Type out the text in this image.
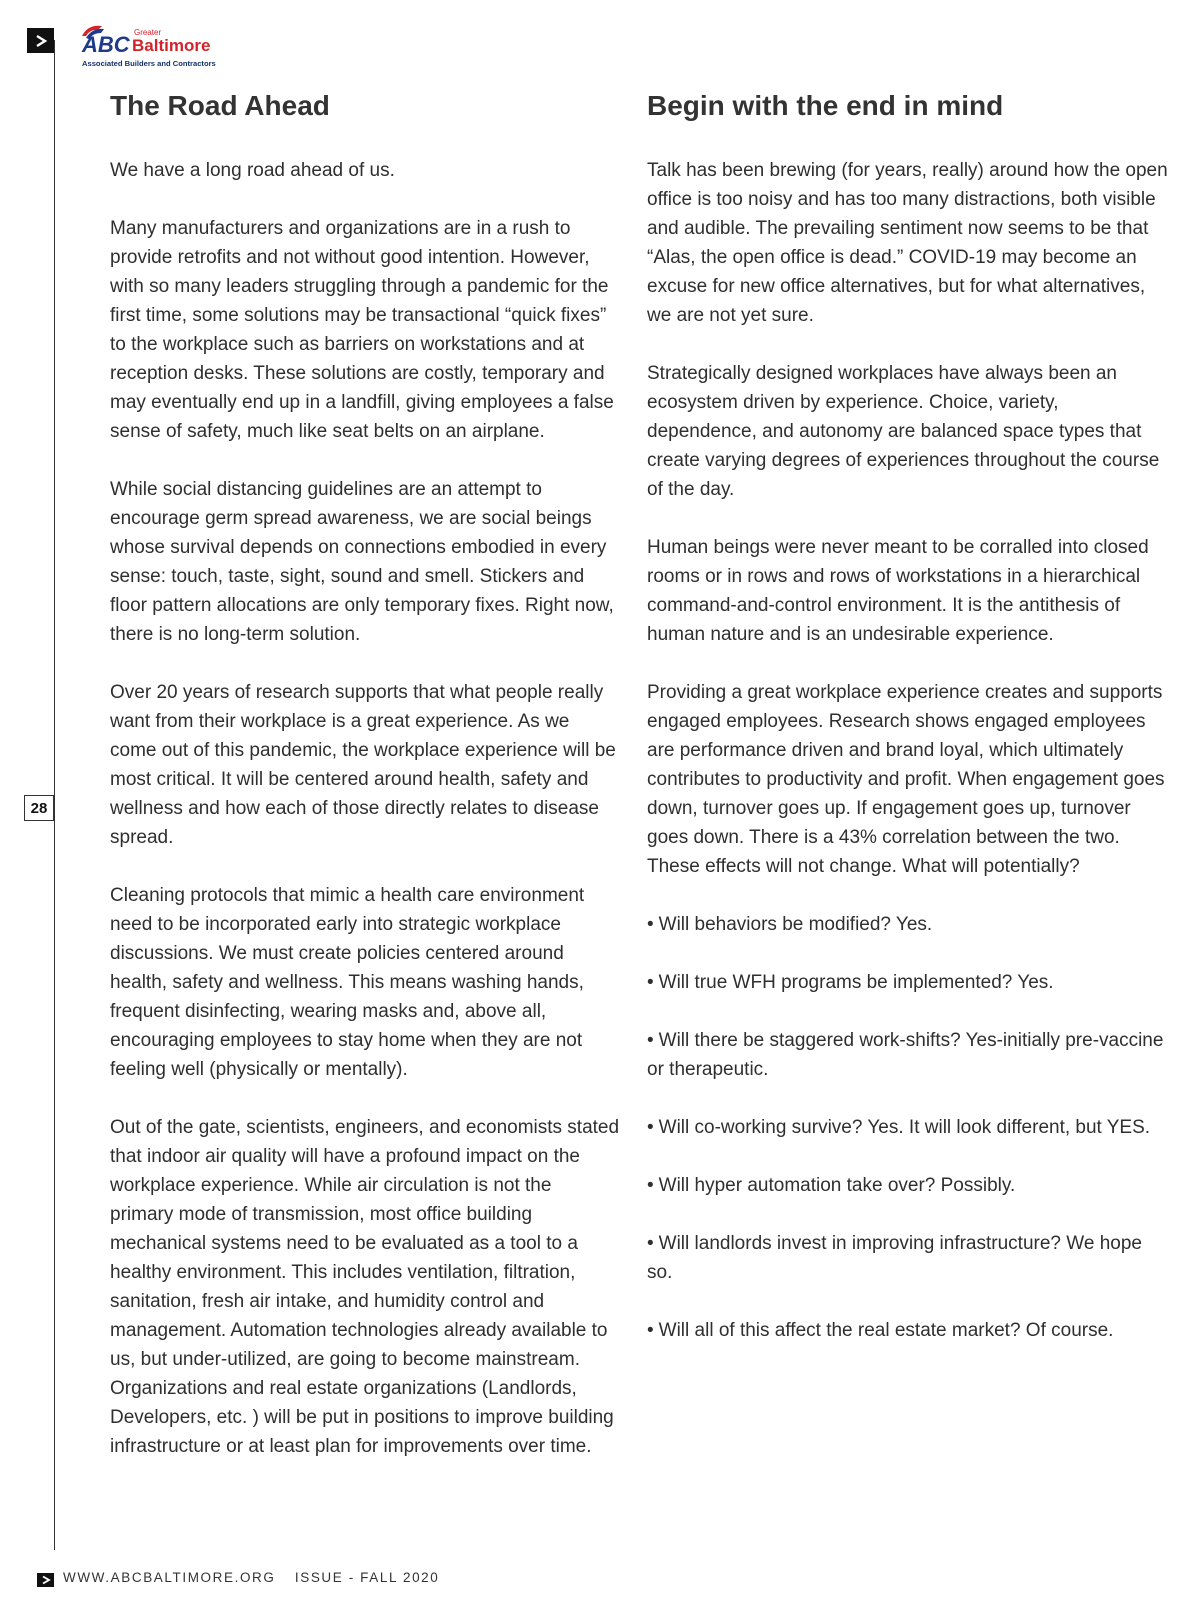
ABC Greater
Baltimore
Associated Builders and Contractors
28
The Road Ahead

We have a long road ahead of us.

Many manufacturers and organizations are in a rush to provide retrofits and not without good intention. However, with so many leaders struggling through a pandemic for the first time, some solutions may be transactional “quick fixes” to the workplace such as barriers on workstations and at reception desks. These solutions are costly, temporary and may eventually end up in a landfill, giving employees a false sense of safety, much like seat belts on an airplane.

While social distancing guidelines are an attempt to encourage germ spread awareness, we are social beings whose survival depends on connections embodied in every sense: touch, taste, sight, sound and smell. Stickers and floor pattern allocations are only temporary fixes. Right now, there is no long-term solution.

Over 20 years of research supports that what people really want from their workplace is a great experience. As we come out of this pandemic, the workplace experience will be most critical. It will be centered around health, safety and wellness and how each of those directly relates to disease spread.

Cleaning protocols that mimic a health care environment need to be incorporated early into strategic workplace discussions. We must create policies centered around health, safety and wellness. This means washing hands, frequent disinfecting, wearing masks and, above all, encouraging employees to stay home when they are not feeling well (physically or mentally).

Out of the gate, scientists, engineers, and economists stated that indoor air quality will have a profound impact on the workplace experience. While air circulation is not the primary mode of transmission, most office building mechanical systems need to be evaluated as a tool to a healthy environment. This includes ventilation, filtration, sanitation, fresh air intake, and humidity control and management. Automation technologies already available to us, but under-utilized, are going to become mainstream. Organizations and real estate organizations (Landlords, Developers, etc. ) will be put in positions to improve building infrastructure or at least plan for improvements over time.

Begin with the end in mind

Talk has been brewing (for years, really) around how the open office is too noisy and has too many distractions, both visible and audible. The prevailing sentiment now seems to be that “Alas, the open office is dead.” COVID-19 may become an excuse for new office alternatives, but for what alternatives, we are not yet sure.

Strategically designed workplaces have always been an ecosystem driven by experience. Choice, variety, dependence, and autonomy are balanced space types that create varying degrees of experiences throughout the course of the day.

Human beings were never meant to be corralled into closed rooms or in rows and rows of workstations in a hierarchical command-and-control environment. It is the antithesis of human nature and is an undesirable experience.

Providing a great workplace experience creates and supports engaged employees. Research shows engaged employees are performance driven and brand loyal, which ultimately contributes to productivity and profit. When engagement goes down, turnover goes up. If engagement goes up, turnover goes down. There is a 43% correlation between the two. These effects will not change. What will potentially?

• Will behaviors be modified? Yes.
• Will true WFH programs be implemented? Yes.
• Will there be staggered work-shifts? Yes-initially pre-vaccine or therapeutic.
• Will co-working survive? Yes. It will look different, but YES.
• Will hyper automation take over? Possibly.
• Will landlords invest in improving infrastructure? We hope so.
• Will all of this affect the real estate market? Of course.
WWW.ABCBALTIMORE.ORG ISSUE - FALL 2020
